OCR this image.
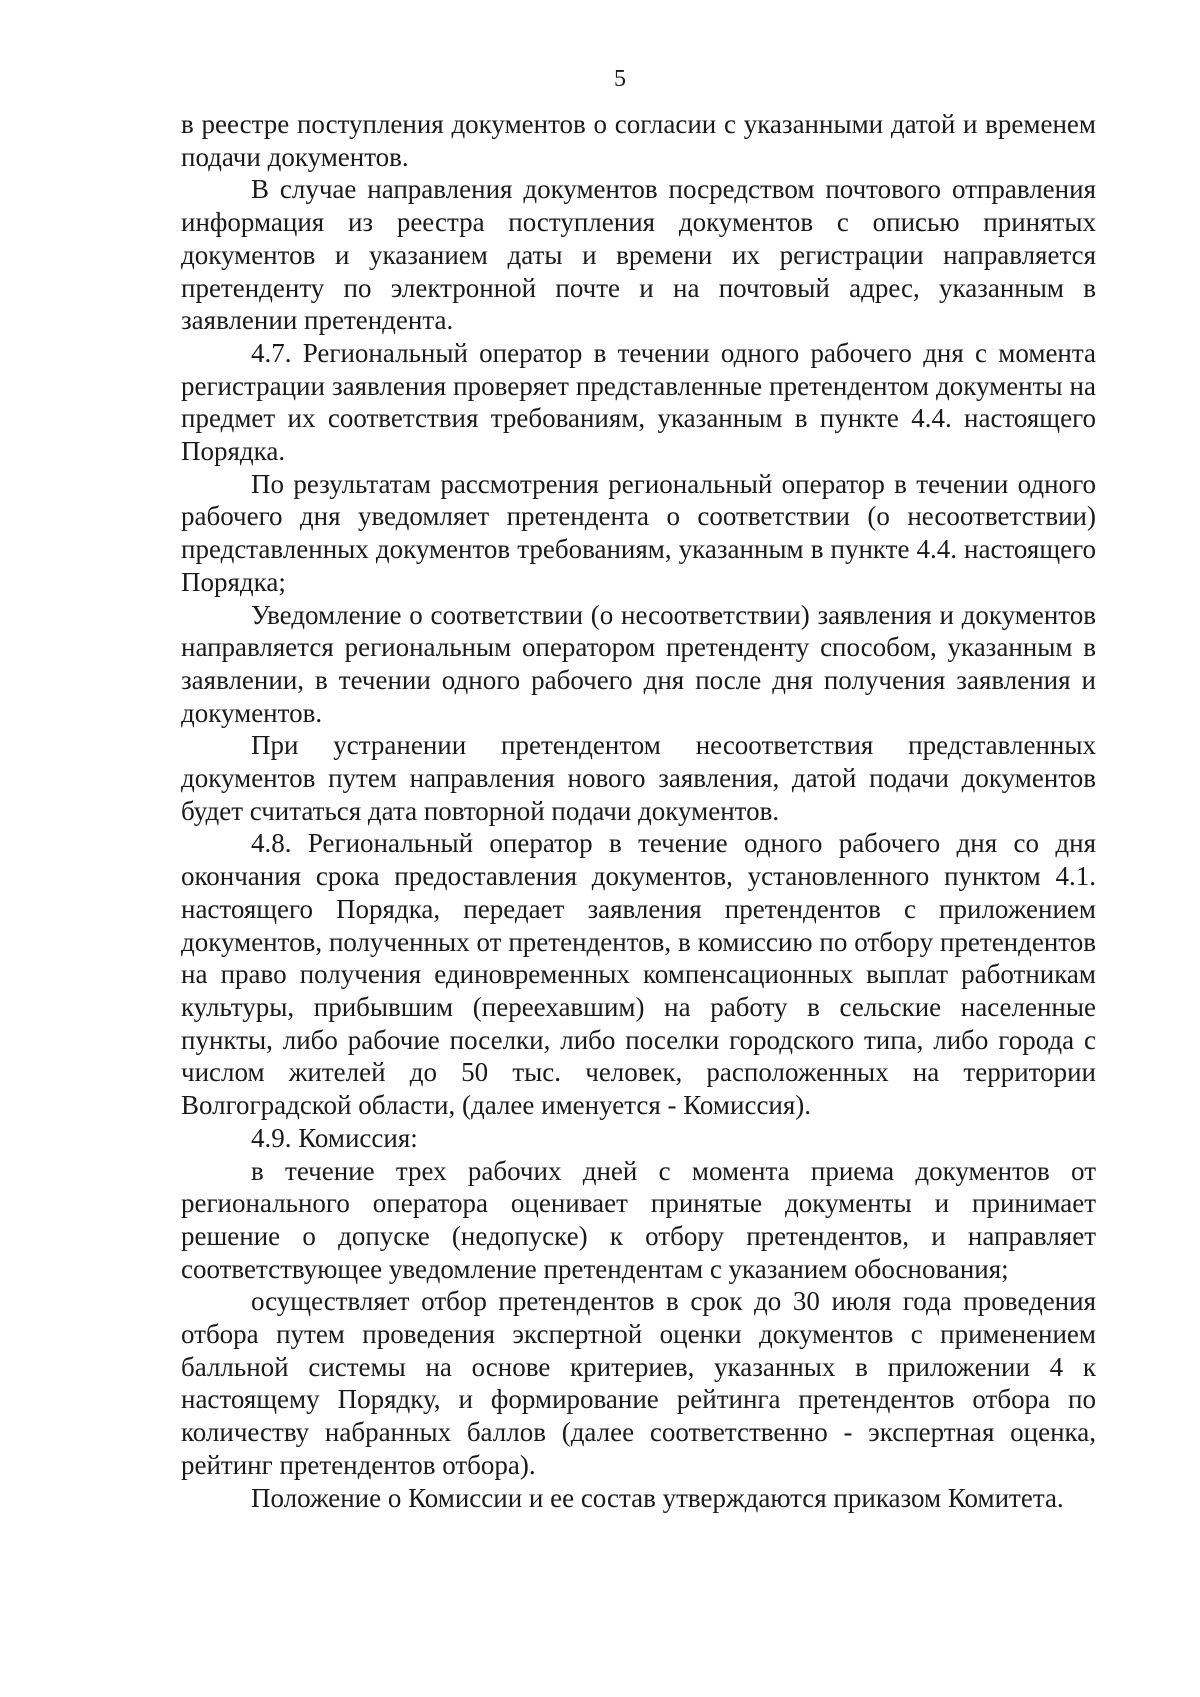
5

в реестре поступления документов о согласии с указанными датой и временем подачи документов.

В случае направления документов посредством почтового отправления информация из реестра поступления документов с описью принятых документов и указанием даты и времени их регистрации направляется претенденту по электронной почте и на почтовый адрес, указанным в заявлении претендента.

4.7. Региональный оператор в течении одного рабочего дня с момента регистрации заявления проверяет представленные претендентом документы на предмет их соответствия требованиям, указанным в пункте 4.4. настоящего Порядка.

По результатам рассмотрения региональный оператор в течении одного рабочего дня уведомляет претендента о соответствии (о несоответствии) представленных документов требованиям, указанным в пункте 4.4. настоящего Порядка;

Уведомление о соответствии (о несоответствии) заявления и документов направляется региональным оператором претенденту способом, указанным в заявлении, в течении одного рабочего дня после дня получения заявления и документов.

При устранении претендентом несоответствия представленных документов путем направления нового заявления, датой подачи документов будет считаться дата повторной подачи документов.

4.8. Региональный оператор в течение одного рабочего дня со дня окончания срока предоставления документов, установленного пунктом 4.1. настоящего Порядка, передает заявления претендентов с приложением документов, полученных от претендентов, в комиссию по отбору претендентов на право получения единовременных компенсационных выплат работникам культуры, прибывшим (переехавшим) на работу в сельские населенные пункты, либо рабочие поселки, либо поселки городского типа, либо города с числом жителей до 50 тыс. человек, расположенных на территории Волгоградской области, (далее именуется - Комиссия).

4.9. Комиссия:

в течение трех рабочих дней с момента приема документов от регионального оператора оценивает принятые документы и принимает решение о допуске (недопуске) к отбору претендентов, и направляет соответствующее уведомление претендентам с указанием обоснования;

осуществляет отбор претендентов в срок до 30 июля года проведения отбора путем проведения экспертной оценки документов с применением балльной системы на основе критериев, указанных в приложении 4 к настоящему Порядку, и формирование рейтинга претендентов отбора по количеству набранных баллов (далее соответственно - экспертная оценка, рейтинг претендентов отбора).

Положение о Комиссии и ее состав утверждаются приказом Комитета.
